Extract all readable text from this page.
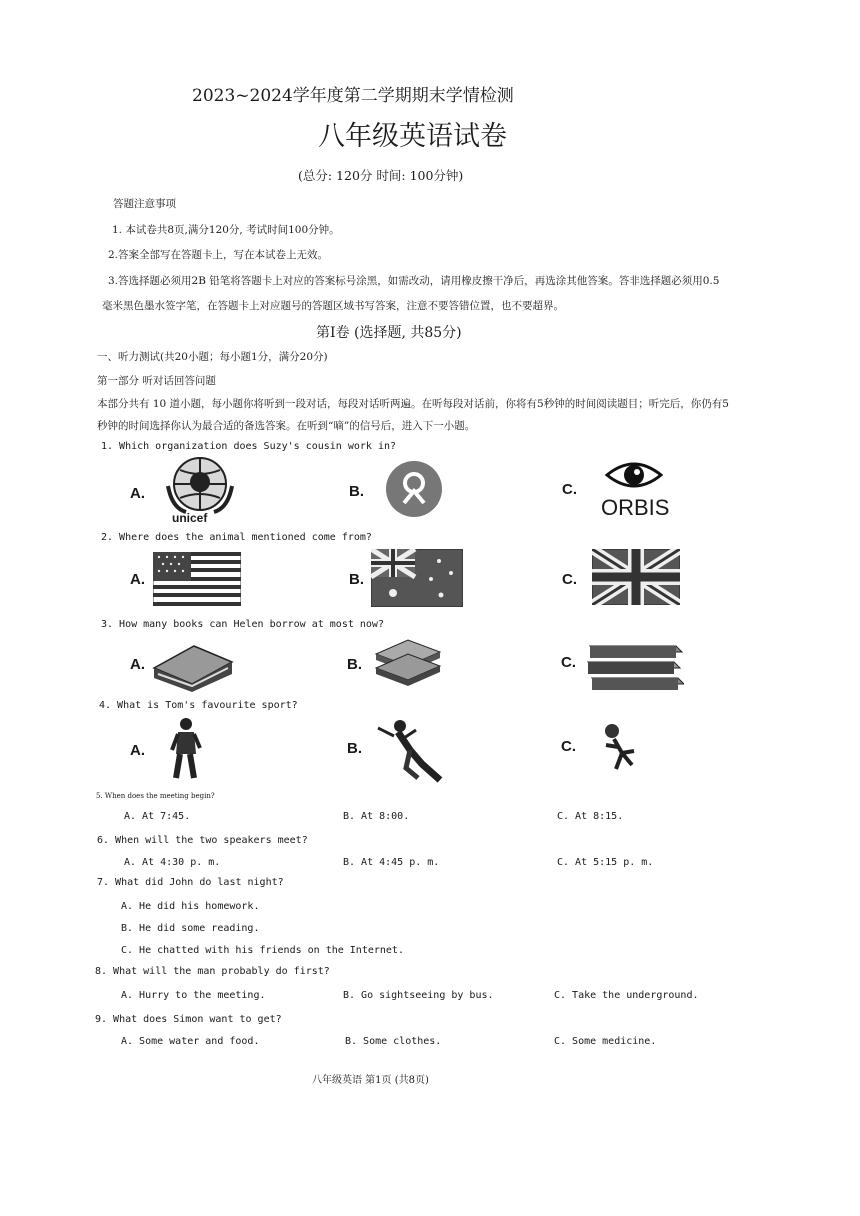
2023~2024学年度第二学期期末学情检测
八年级英语试卷
(总分: 120分 时间: 100分钟)
答题注意事项
1. 本试卷共8页,满分120分, 考试时间100分钟。
2.答案全部写在答题卡上，写在本试卷上无效。
3.答选择题必须用2B 铅笔将答题卡上对应的答案标号涂黑，如需改动，请用橡皮擦干净后，再选涂其他答案。答非选择题必须用0.5
毫米黑色墨水签字笔，在答题卡上对应题号的答题区域书写答案，注意不要答错位置，也不要超界。
第Ⅰ卷 (选择题, 共85分)
一、听力测试(共20小题；每小题1分，满分20分)
第一部分 听对话回答问题
本部分共有 10 道小题，每小题你将听到一段对话，每段对话听两遍。在听每段对话前，你将有5秒钟的时间阅读题目；听完后，你仍有5
秒钟的时间选择你认为最合适的备选答案。在听到“嘀”的信号后，进入下一小题。
1. Which organization does Suzy's cousin work in?
A.
unicef
B.	C.
ORBIS
2. Where does the animal mentioned come from?
A.	B.	C.
3. How many books can Helen borrow at most now?
A.	B.	C.
4. What is Tom's favourite sport?
A.	B.	C.
5. When does the meeting begin?
A. At 7:45.	B. At 8:00.	C. At 8:15.
6. When will the two speakers meet?
A. At 4:30 p. m.	B. At 4:45 p. m.	C. At 5:15 p. m.
7. What did John do last night?
A. He did his homework.
B. He did some reading.
C. He chatted with his friends on the Internet.
8. What will the man probably do first?
A. Hurry to the meeting.	B. Go sightseeing by bus.	C. Take the underground.
9. What does Simon want to get?
A. Some water and food.	B. Some clothes.	C. Some medicine.
八年级英语 第1页 (共8页)
